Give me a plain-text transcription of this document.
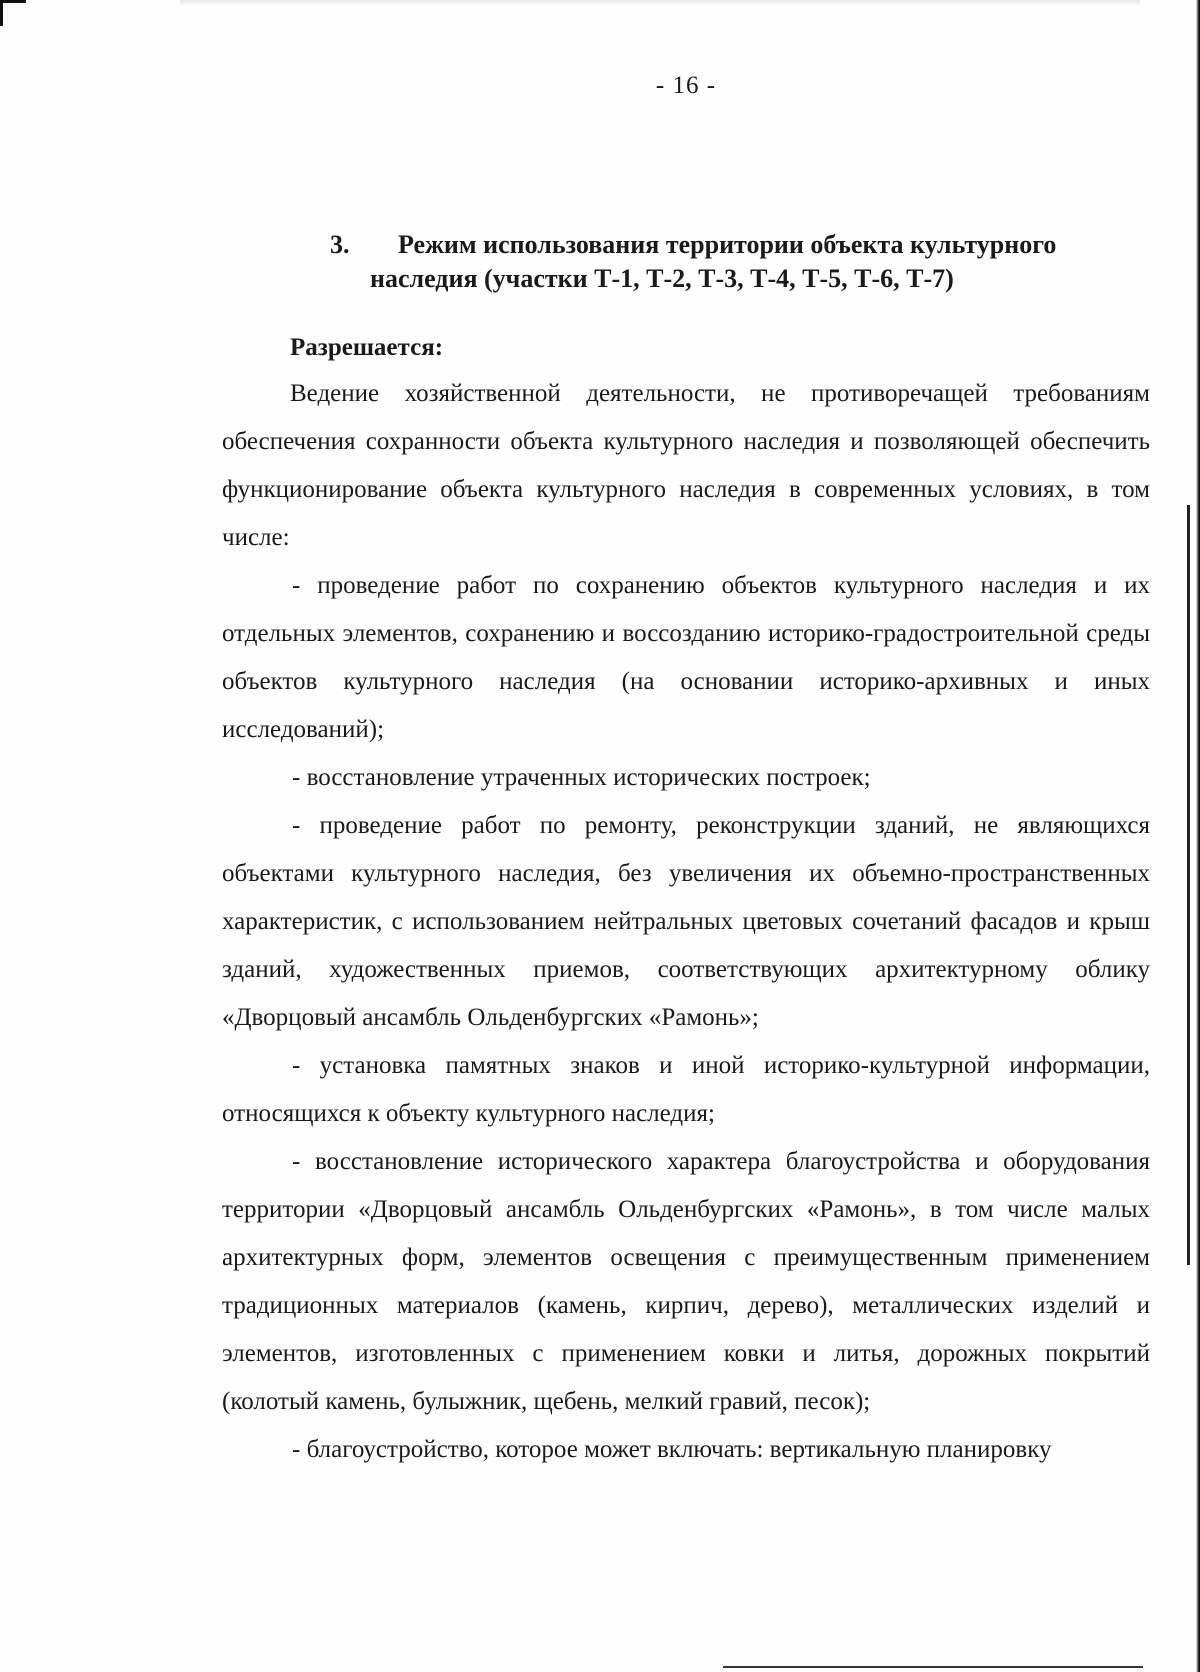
- 16 -
3. Режим использования территории объекта культурного
наследия (участки Т-1, Т-2, Т-3, Т-4, Т-5, Т-6, Т-7)
Разрешается:

Ведение хозяйственной деятельности, не противоречащей требованиям обеспечения сохранности объекта культурного наследия и позволяющей обеспечить функционирование объекта культурного наследия в современных условиях, в том числе:

- проведение работ по сохранению объектов культурного наследия и их отдельных элементов, сохранению и воссозданию историко-градостроительной среды объектов культурного наследия (на основании историко-архивных и иных исследований);

- восстановление утраченных исторических построек;

- проведение работ по ремонту, реконструкции зданий, не являющихся объектами культурного наследия, без увеличения их объемно-пространственных характеристик, с использованием нейтральных цветовых сочетаний фасадов и крыш зданий, художественных приемов, соответствующих архитектурному облику «Дворцовый ансамбль Ольденбургских «Рамонь»;

- установка памятных знаков и иной историко-культурной информации, относящихся к объекту культурного наследия;

- восстановление исторического характера благоустройства и оборудования территории «Дворцовый ансамбль Ольденбургских «Рамонь», в том числе малых архитектурных форм, элементов освещения с преимущественным применением традиционных материалов (камень, кирпич, дерево), металлических изделий и элементов, изготовленных с применением ковки и литья, дорожных покрытий (колотый камень, булыжник, щебень, мелкий гравий, песок);

- благоустройство, которое может включать: вертикальную планировку
